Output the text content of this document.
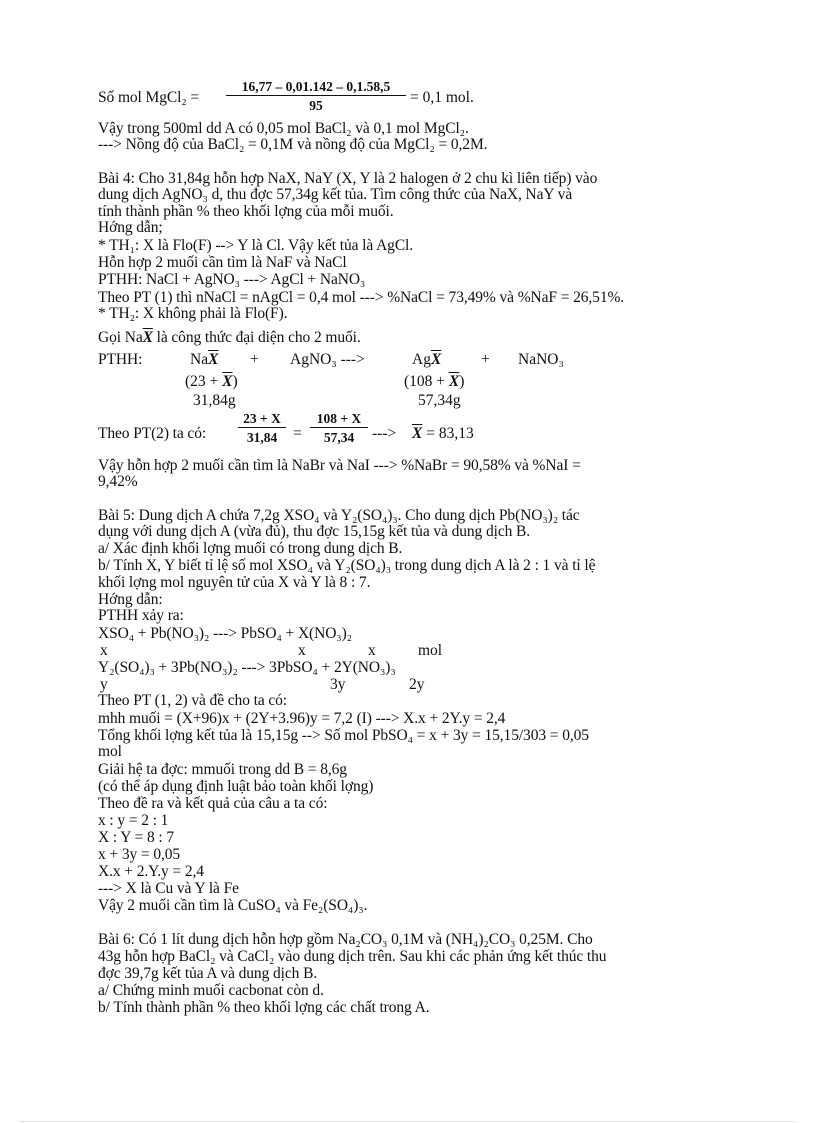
Số mol MgCl₂ = $\frac{16,77 - 0,01.142 - 0,1.58,5}{95} = 0,1$ mol.
Vậy trong 500ml dd A có 0,05 mol BaCl₂ và 0,1 mol MgCl₂.
---> Nồng độ của BaCl₂ = 0,1M và nồng độ của MgCl₂ = 0,2M.
Bài 4: Cho 31,84g hỗn hợp NaX, NaY (X, Y là 2 halogen ở 2 chu kì liên tiếp) vào
dung dịch AgNO₃ d, thu đợc 57,34g kết tủa. Tìm công thức của NaX, NaY và
tính thành phần % theo khối lợng của mỗi muối.
Hớng dẫn;
* TH₁: X là Flo(F) --> Y là Cl. Vậy kết tủa là AgCl.
Hỗn hợp 2 muối cần tìm là NaF và NaCl
PTHH: NaCl + AgNO₃ ---> AgCl + NaNO₃
Theo PT (1) thì nNaCl = nAgCl = 0,4 mol ---> %NaCl = 73,49% và %NaF = 26,51%.
* TH₂: X không phải là Flo(F).
Gọi $Na\overline{X}$ là công thức đại diện cho 2 muối.
PTHH:	$Na\overline{X}$ + AgNO₃ --->	$Ag\overline{X}$	+ NaNO₃
$(23 + \overline{X})$	$(108 + \overline{X})$
31,84g	57,34g
Theo PT(2) ta có: $\frac{23 + X}{31,84} = \frac{108 + X}{57,34}$ ---> $\overline{X} = 83,13$
Vậy hỗn hợp 2 muối cần tìm là NaBr và NaI ---> %NaBr = 90,58% và %NaI =
9,42%
Bài 5: Dung dịch A chứa 7,2g XSO₄ và Y₂(SO₄)₃. Cho dung dịch Pb(NO₃)₂ tác
dụng với dung dịch A (vừa đủ), thu đợc 15,15g kết tủa và dung dịch B.
a/ Xác định khối lợng muối có trong dung dịch B.
b/ Tính X, Y biết tỉ lệ số mol XSO₄ và Y₂(SO₄)₃ trong dung dịch A là 2 : 1 và tỉ lệ
khối lợng mol nguyên tử của X và Y là 8 : 7.
Hớng dẫn:
PTHH xảy ra:
XSO₄ + Pb(NO₃)₂ ---> PbSO₄ + X(NO₃)₂
x	x	x	mol
Y₂(SO₄)₃ + 3Pb(NO₃)₂ ---> 3PbSO₄ + 2Y(NO₃)₃
y	3y	2y
Theo PT (1, 2) và đề cho ta có:
mhh muối = (X+96)x + (2Y+3.96)y = 7,2 (I) ---> X.x + 2Y.y = 2,4
Tổng khối lợng kết tủa là 15,15g --> Số mol PbSO₄ = x + 3y = 15,15/303 = 0,05
mol
Giải hệ ta đợc: mmuối trong dd B = 8,6g
(có thể áp dụng định luật bảo toàn khối lợng)
Theo đề ra và kết quả của câu a ta có:
x : y = 2 : 1
X : Y = 8 : 7
x + 3y = 0,05
X.x + 2.Y.y = 2,4
---> X là Cu và Y là Fe
Vậy 2 muối cần tìm là CuSO₄ và Fe₂(SO₄)₃.
Bài 6: Có 1 lít dung dịch hỗn hợp gồm Na₂CO₃ 0,1M và (NH₄)₂CO₃ 0,25M. Cho
43g hỗn hợp BaCl₂ và CaCl₂ vào dung dịch trên. Sau khi các phản ứng kết thúc thu
đợc 39,7g kết tủa A và dung dịch B.
a/ Chứng minh muối cacbonat còn d.
b/ Tính thành phần % theo khối lợng các chất trong A.
